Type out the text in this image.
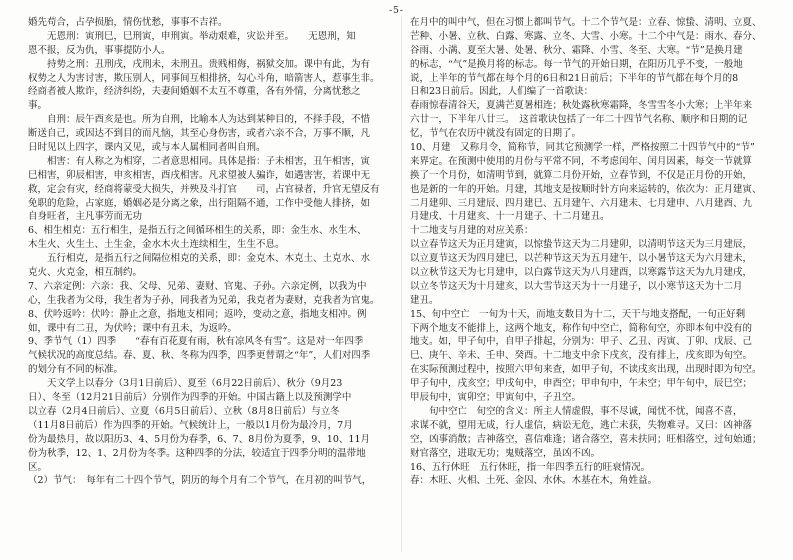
-5-
婚先苟合，占孕损胎，情伤忧愁，事事不吉祥。
　　无恩刑：寅刑巳，巳刑寅，申刑寅。举动艰难，灾讼并至。　　无恩刑，知
恩不报，反为仇，事事提防小人。
　　持势之刑：丑刑戌，戌刑未，未刑丑。贵贱相侮，祸狱交加。课中有此，为有
权势之人为害讨害，欺压别人，同事间互相排挤，勾心斗角，暗箭害人，惹事生非。
经商者被人欺诈，经济纠纷，夫妻间婚姻不太互不尊重，各有外情，分离忧愁之
事。
　　自刑：辰午酉亥是也。所为自刑，比喻本人为达到某种目的，不择手段，不惜
断送自己，或因达不到目的而凡恼，其至心身伤害，或者六亲不合，万事不顺，凡
日时见以上四字，课内又见，或与本人属相同者叫自刑。
　　相害：有人称之为相穿，二者意思相同。具体是指：子未相害，丑午相害，寅
巳相害，卯辰相害，申亥相害，酉戌相害。凡求望被人骗诈，如遇害害，若课中无
救，定会有灾，经商将蒙受大损失，并殃及斗打官　　司，占官禄者，升官无望反有
免职的危险，占家庭，婚姻必是分离之象，出行阻隔不通，工作中受他人排挤，如
自身旺者，主凡事劳而无功
6、相生相克：五行相生，是指五行之间循环相生的关系，即：金生水、水生木、
木生火、火生土、土生金，金水木火土连续相生，生生不息。
　　五行相克，是指五行之间隔位相克的关系，即：金克木、木克土、土克水、水
克火、火克金，相互制约。
7、六亲定例：六亲：我、父母、兄弟、妻财、官鬼、子孙。六亲定例，以我为中
心，生我者为父母，我生者为子孙，同我者为兄弟，我克者为妻财，克我者为官鬼。
8、伏吟返吟：伏吟：静止之意，指地支相同；返吟，变动之意，指地支相冲。例
如，课中有二丑，为伏吟；课中有丑未，为返吟。
9、季节气（1）四季　　“春有百花夏有雨，秋有凉风冬有雪”。这是对一年四季
气候状况的高度总结。春、夏、秋、冬称为四季，四季更替谓之“年”，人们对四季
的划分有不同的标准。
　　天文学上以春分（3月1日前后）、夏至（6月22日前后）、秋分（9月23
日）、冬至（12月21日前后）分别作为四季的开始。中国古籍上以及预测学中
以立春（2月4日前后）、立夏（6月5日前后）、立秋（8月8日前后）与立冬
（11月8日前后）作为四季的开始。气候统计上，一般以1月份为最冷月，7月
份为最热月，故以阳历3、4、5月份为春季，6、7、8月份为夏季，9、10、11月
份为秋季，12、1、2月份为冬季。这种四季的分法，较适宜于四季分明的温带地
区。
（2）节气：　每年有二十四个节气，阴历的每个月有二个节气，在月初的叫节气，
在月中的叫中气，但在习惯上都叫节气。十二个节气是：立春、惊蛰、清明、立夏、
芒种、小暑、立秋、白露、寒露、立冬、大雪、小寒。十二个中气是：雨水、春分、
谷雨、小满、夏至大暑、处暑、秋分、霜降、小雪、冬至、大寒。“节”是换月建
的标志，“气”是换月将的标志。每一节气的开始日期，在阳历几乎不变，一般地
说，上半年的节气都在每个月的6日和21日前后；下半年的节气都在每个月的8
日和23日前后。因此，人们编了一首歌诀：
春雨惊春清谷天，夏满芒夏暑相连；秋处露秋寒霜降，冬雪雪冬小大寒；上半年来
六廿一，下半年八廿三。　这首歌诀包括了一年二十四节气名称、顺序和日期的记
忆，节气在农历中就没有固定的日期了。
10、月建　又称月令，简称节，同其它预测学一样，严格按照二十四节气中的“节”
来界定。在预测中使用的月份与平常不同，不考虑闰年、闰月因素，每交一节就算
换了一个月份，如清明节到，就算二月份开始，立春节到，不仅是正月份的开始，
也是新的一年的开始。月建，其地支是按顺时针方向来运转的，依次为：正月建寅、
二月建卯、三月建辰、四月建巳、五月建午、六月建未、七月建申、八月建酉、九
月建戌、十月建亥、十一月建子、十二月建丑。
十二地支与月建的对应关系：
以立春节这天为正月建寅，以惊蛰节这天为二月建卯，以清明节这天为三月建辰，
以立夏节这天为四月建巳，以芒种节这天为五月建午，以小暑节这天为六月建未，
以立秋节这天为七月建申，以白露节这天为八月建酉，以寒露节这天为九月建戌，
以立冬节这天为十月建亥，以大雪节这天为十一月建子，以小寒节这天为十二月
建丑。
15、旬中空亡　一旬为十天，而地支数目为十二，天干与地支搭配，一旬正好剩
下两个地支不能排上，这两个地支，称作旬中空亡，简称旬空，亦即本旬中没有的
地支。如，甲子旬中，自甲子排起，分别为：甲子、乙丑、丙寅、丁卯、戊辰、己
巳、庚午、辛未、壬申、癸酉。十二地支中余下戌亥，没有排上，戌亥即为旬空。
在实际预测过程中，按照六甲旬来查，如甲子旬，不读戌亥出现，出现时即为旬空。
甲子旬中，戌亥空；甲戌旬中，申酉空；甲申旬中，午未空；甲午旬中，辰巳空；
甲辰旬中，寅卯空；甲寅旬中，子丑空。
　　旬中空亡　旬空的含义：所主人情虚假，事不尽诚，闻忧不忧，闻喜不喜，
求谋不就，望用无成，行人虚信，病讼无危，逃亡未获，失物难寻。又曰：凶神落
空，凶事消散；吉神落空，喜信难逢；诸合落空，喜未扶同；旺相落空，过旬始通；
财官落空，进取无功；鬼贼落空，虽凶不凶。
16、五行休旺　五行休旺，指一年四季五行的旺衰情况。
春：木旺、火相、土死、金囚、水休。木基在木，角姓益。
